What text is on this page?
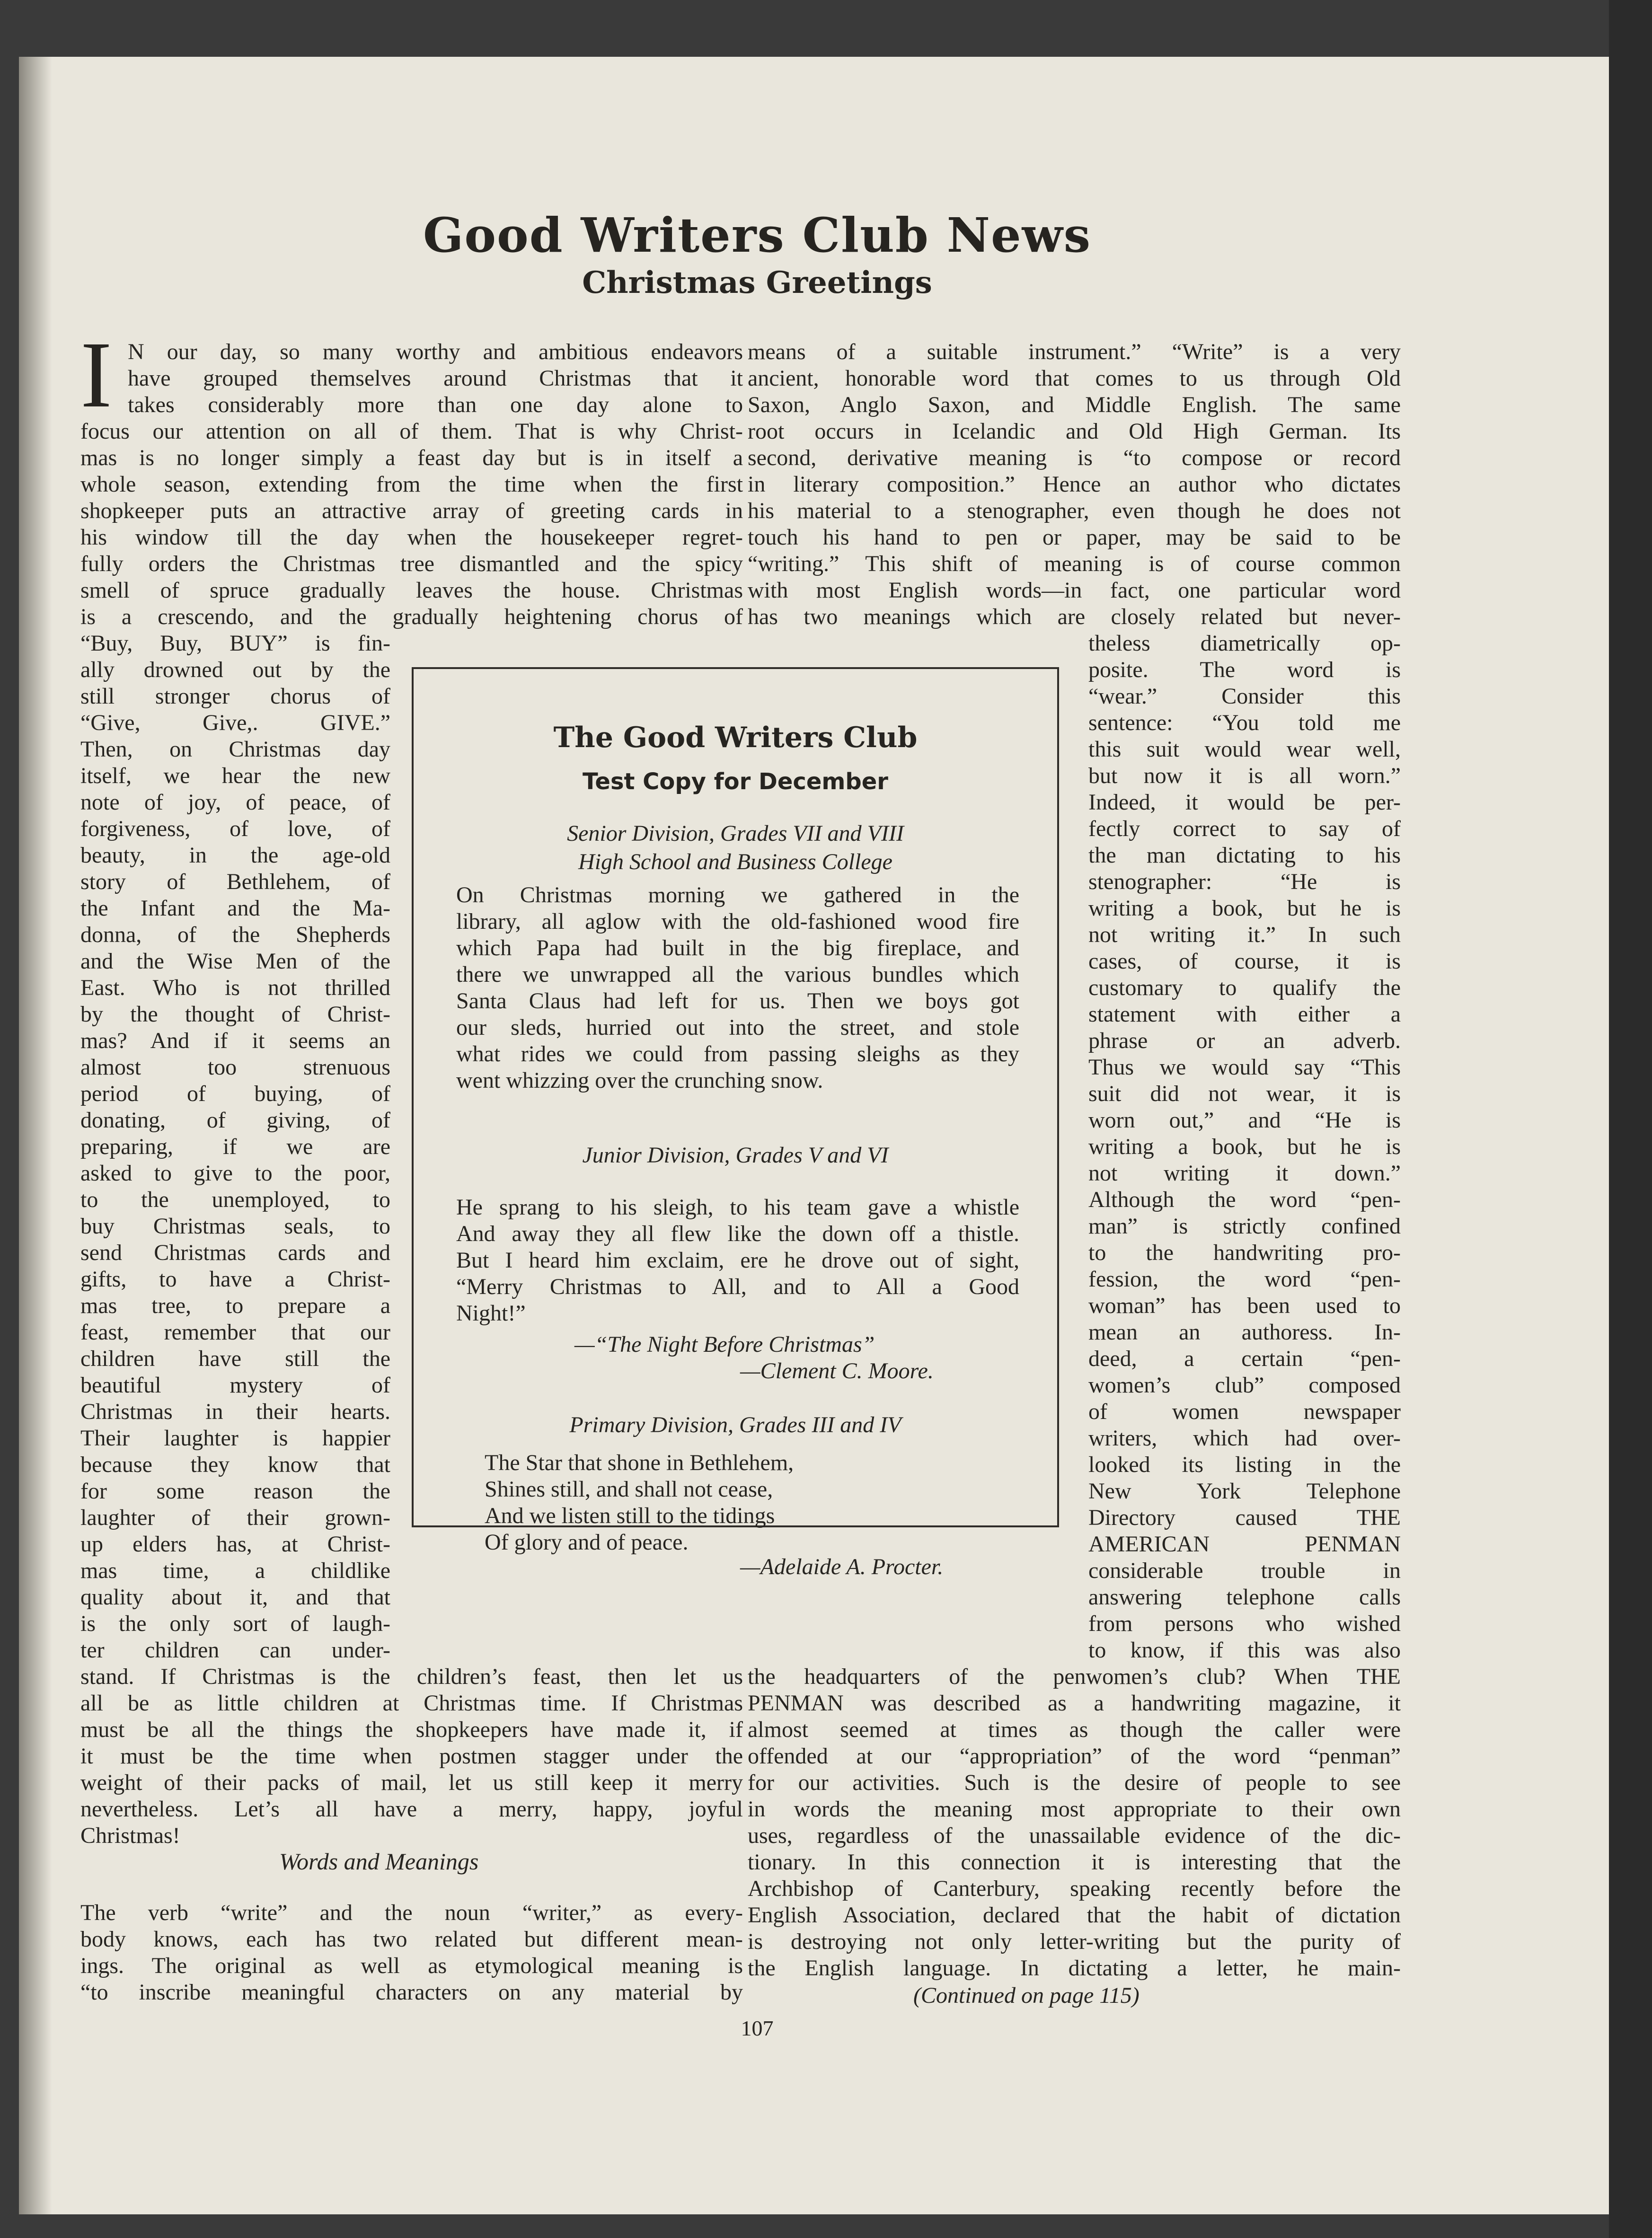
Good Writers Club News
Christmas Greetings
I N our day, so many worthy and ambitious endeavors
have grouped themselves around Christmas that it
takes considerably more than one day alone to
focus our attention on all of them. That is why Christ-
mas is no longer simply a feast day but is in itself a
whole season, extending from the time when the first
shopkeeper puts an attractive array of greeting cards in
his window till the day when the housekeeper regret-
fully orders the Christmas tree dismantled and the spicy
smell of spruce gradually leaves the house. Christmas
is a crescendo, and the gradually heightening chorus of
“Buy, Buy, BUY” is fin-
ally drowned out by the
still stronger chorus of
“Give, Give,. GIVE.”
Then, on Christmas day
itself, we hear the new
note of joy, of peace, of
forgiveness, of love, of
beauty, in the age-old
story of Bethlehem, of
the Infant and the Ma-
donna, of the Shepherds
and the Wise Men of the
East. Who is not thrilled
by the thought of Christ-
mas? And if it seems an
almost too strenuous
period of buying, of
donating, of giving, of
preparing, if we are
asked to give to the poor,
to the unemployed, to
buy Christmas seals, to
send Christmas cards and
gifts, to have a Christ-
mas tree, to prepare a
feast, remember that our
children have still the
beautiful mystery of
Christmas in their hearts.
Their laughter is happier
because they know that
for some reason the
laughter of their grown-
up elders has, at Christ-
mas time, a childlike
quality about it, and that
is the only sort of laugh-
ter children can under-
stand. If Christmas is the children’s feast, then let us
all be as little children at Christmas time. If Christmas
must be all the things the shopkeepers have made it, if
it must be the time when postmen stagger under the
weight of their packs of mail, let us still keep it merry
nevertheless. Let’s all have a merry, happy, joyful
Christmas!
Words and Meanings
The verb “write” and the noun “writer,” as every-
body knows, each has two related but different mean-
ings. The original as well as etymological meaning is
“to inscribe meaningful characters on any material by
means of a suitable instrument.” “Write” is a very
ancient, honorable word that comes to us through Old
Saxon, Anglo Saxon, and Middle English. The same
root occurs in Icelandic and Old High German. Its
second, derivative meaning is “to compose or record
in literary composition.” Hence an author who dictates
his material to a stenographer, even though he does not
touch his hand to pen or paper, may be said to be
“writing.” This shift of meaning is of course common
with most English words—in fact, one particular word
has two meanings which are closely related but never-
theless diametrically op-
posite. The word is
“wear.” Consider this
sentence: “You told me
this suit would wear well,
but now it is all worn.”
Indeed, it would be per-
fectly correct to say of
the man dictating to his
stenographer: “He is
writing a book, but he is
not writing it.” In such
cases, of course, it is
customary to qualify the
statement with either a
phrase or an adverb.
Thus we would say “This
suit did not wear, it is
worn out,” and “He is
writing a book, but he is
not writing it down.”
Although the word “pen-
man” is strictly confined
to the handwriting pro-
fession, the word “pen-
woman” has been used to
mean an authoress. In-
deed, a certain “pen-
women’s club” composed
of women newspaper
writers, which had over-
looked its listing in the
New York Telephone
Directory caused THE
AMERICAN PENMAN
considerable trouble in
answering telephone calls
from persons who wished
to know, if this was also
the headquarters of the penwomen’s club? When THE
PENMAN was described as a handwriting magazine, it
almost seemed at times as though the caller were
offended at our “appropriation” of the word “penman”
for our activities. Such is the desire of people to see
in words the meaning most appropriate to their own
uses, regardless of the unassailable evidence of the dic-
tionary. In this connection it is interesting that the
Archbishop of Canterbury, speaking recently before the
English Association, declared that the habit of dictation
is destroying not only letter-writing but the purity of
the English language. In dictating a letter, he main-
(Continued on page 115)
The Good Writers Club
Test Copy for December
Senior Division, Grades VII and VIII
High School and Business College
On Christmas morning we gathered in the
library, all aglow with the old-fashioned wood fire
which Papa had built in the big fireplace, and
there we unwrapped all the various bundles which
Santa Claus had left for us. Then we boys got
our sleds, hurried out into the street, and stole
what rides we could from passing sleighs as they
went whizzing over the crunching snow.
Junior Division, Grades V and VI
He sprang to his sleigh, to his team gave a whistle
And away they all flew like the down off a thistle.
But I heard him exclaim, ere he drove out of sight,
“Merry Christmas to All, and to All a Good
Night!”
—“The Night Before Christmas”
—Clement C. Moore.
Primary Division, Grades III and IV
The Star that shone in Bethlehem,
Shines still, and shall not cease,
And we listen still to the tidings
Of glory and of peace.
—Adelaide A. Procter.
107
